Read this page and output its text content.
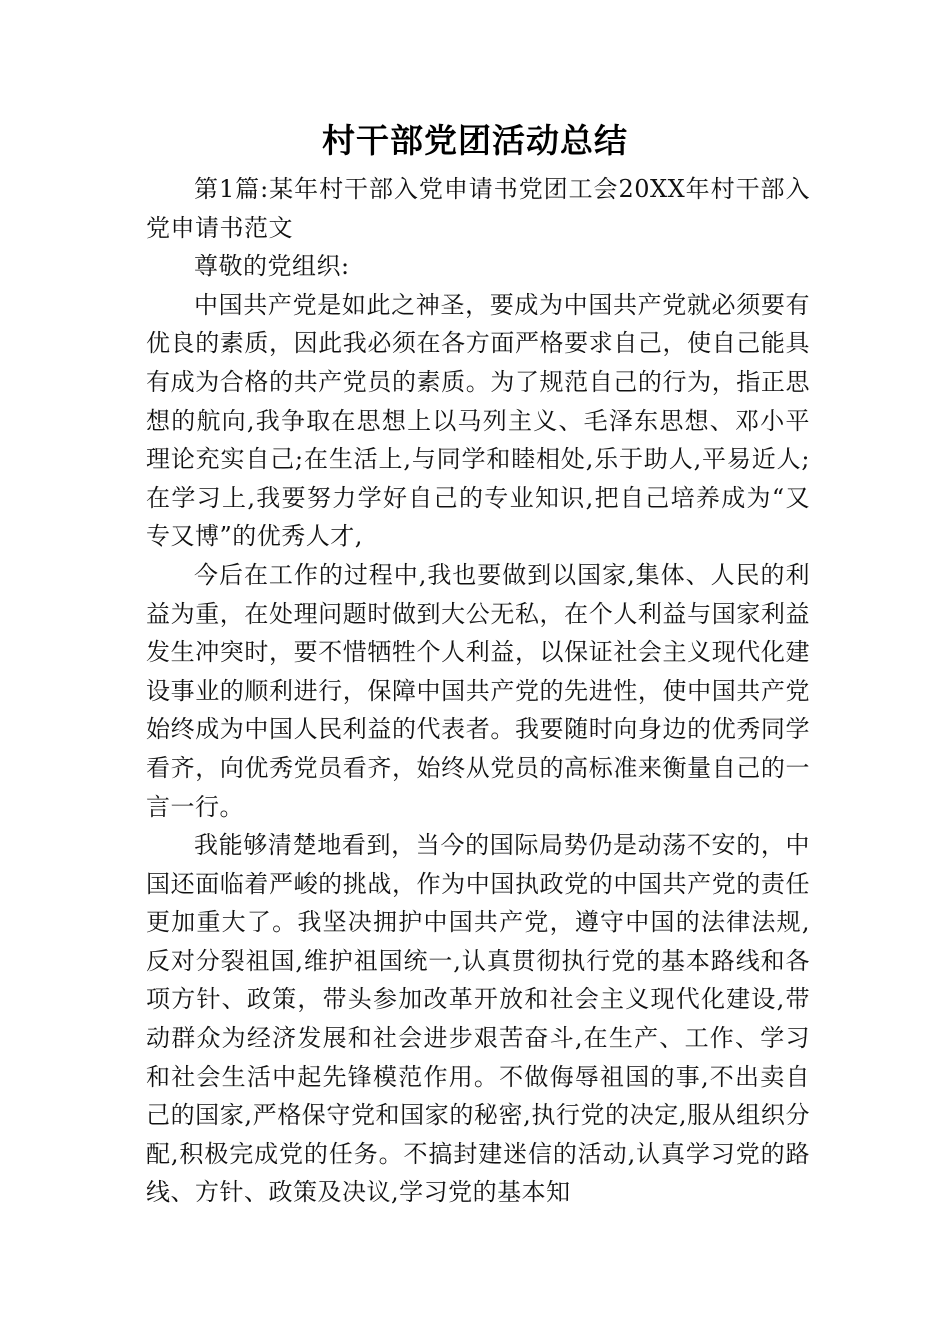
村干部党团活动总结

第1篇:某年村干部入党申请书党团工会20XX年村干部入党申请书范文

尊敬的党组织:

中国共产党是如此之神圣，要成为中国共产党就必须要有优良的素质，因此我必须在各方面严格要求自己，使自己能具有成为合格的共产党员的素质。为了规范自己的行为，指正思想的航向,我争取在思想上以马列主义、毛泽东思想、邓小平理论充实自己;在生活上,与同学和睦相处,乐于助人,平易近人;在学习上,我要努力学好自己的专业知识,把自己培养成为“又专又博”的优秀人才,

今后在工作的过程中,我也要做到以国家,集体、人民的利益为重，在处理问题时做到大公无私，在个人利益与国家利益发生冲突时，要不惜牺牲个人利益，以保证社会主义现代化建设事业的顺利进行，保障中国共产党的先进性，使中国共产党始终成为中国人民利益的代表者。我要随时向身边的优秀同学看齐，向优秀党员看齐，始终从党员的高标准来衡量自己的一言一行。

我能够清楚地看到，当今的国际局势仍是动荡不安的，中国还面临着严峻的挑战，作为中国执政党的中国共产党的责任更加重大了。我坚决拥护中国共产党，遵守中国的法律法规,反对分裂祖国,维护祖国统一,认真贯彻执行党的基本路线和各项方针、政策，带头参加改革开放和社会主义现代化建设,带动群众为经济发展和社会进步艰苦奋斗,在生产、工作、学习和社会生活中起先锋模范作用。不做侮辱祖国的事,不出卖自己的国家,严格保守党和国家的秘密,执行党的决定,服从组织分配,积极完成党的任务。不搞封建迷信的活动,认真学习党的路线、方针、政策及决议,学习党的基本知
